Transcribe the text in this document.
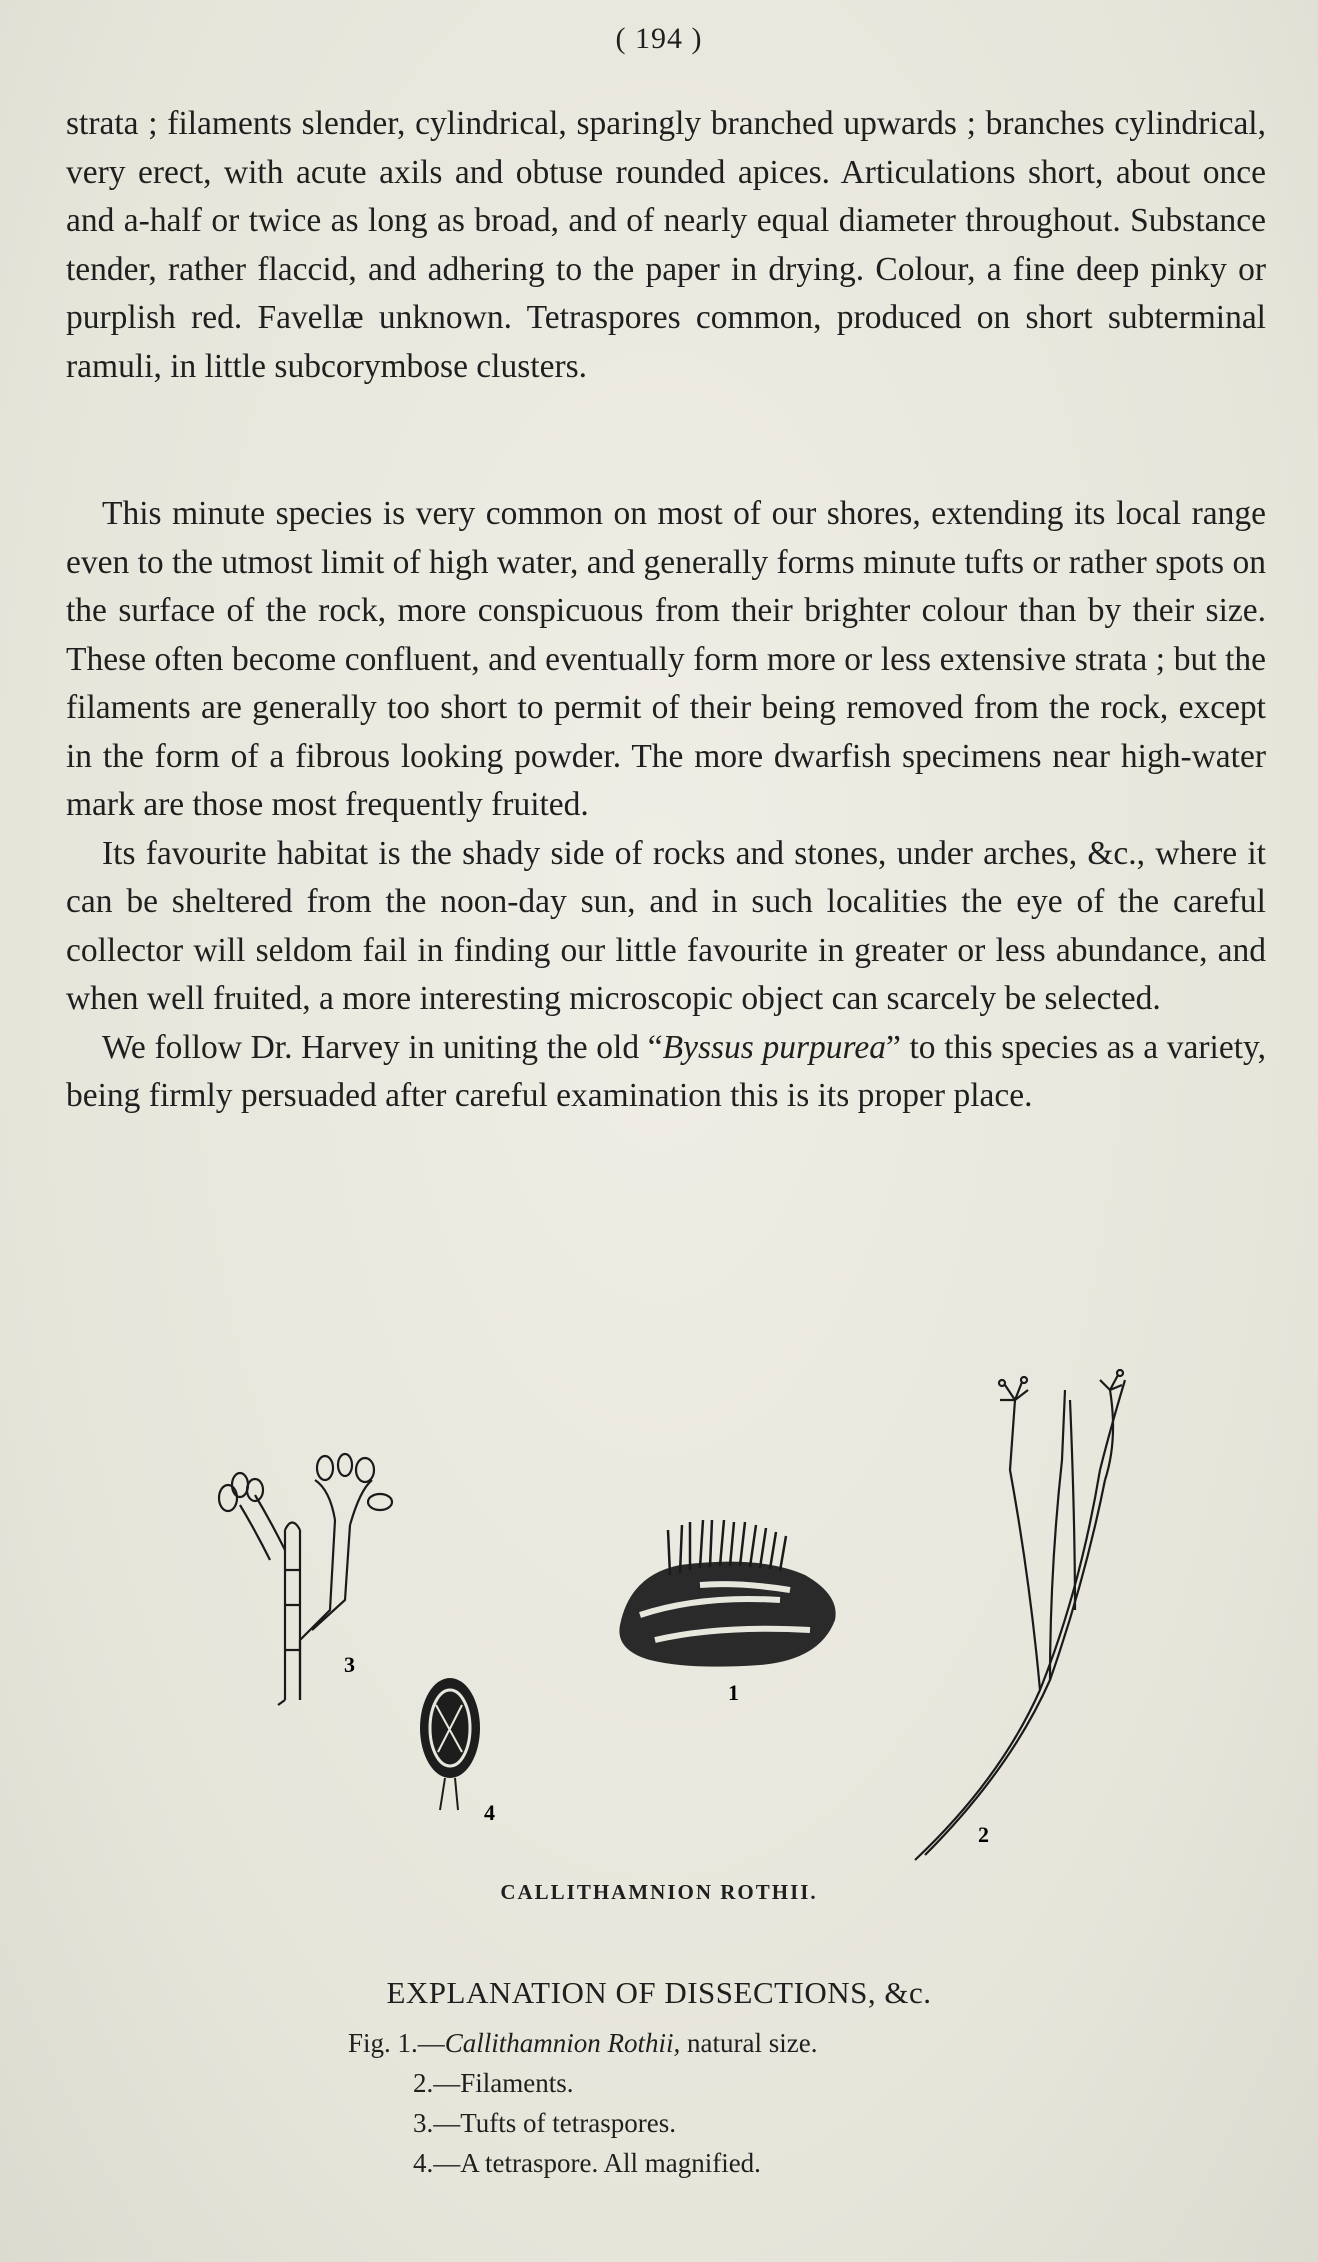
( 194 )

strata ; filaments slender, cylindrical, sparingly branched upwards ; branches cylindrical, very erect, with acute axils and obtuse rounded apices. Articulations short, about once and a-half or twice as long as broad, and of nearly equal diameter throughout. Substance tender, rather flaccid, and adhering to the paper in drying. Colour, a fine deep pinky or purplish red. Favellæ unknown. Tetraspores common, produced on short subterminal ramuli, in little subcorymbose clusters.

This minute species is very common on most of our shores, extending its local range even to the utmost limit of high water, and generally forms minute tufts or rather spots on the surface of the rock, more conspicuous from their brighter colour than by their size. These often become confluent, and eventually form more or less extensive strata ; but the filaments are generally too short to permit of their being removed from the rock, except in the form of a fibrous looking powder. The more dwarfish specimens near high-water mark are those most frequently fruited.

Its favourite habitat is the shady side of rocks and stones, under arches, &c., where it can be sheltered from the noon-day sun, and in such localities the eye of the careful collector will seldom fail in finding our little favourite in greater or less abundance, and when well fruited, a more interesting microscopic object can scarcely be selected.

We follow Dr. Harvey in uniting the old “Byssus purpurea” to this species as a variety, being firmly persuaded after careful examination this is its proper place.

3
4
1
2
CALLITHAMNION ROTHII.
EXPLANATION OF DISSECTIONS, &c.
Fig. 1.—Callithamnion Rothii, natural size.
2.—Filaments.
3.—Tufts of tetraspores.
4.—A tetraspore. All magnified.
